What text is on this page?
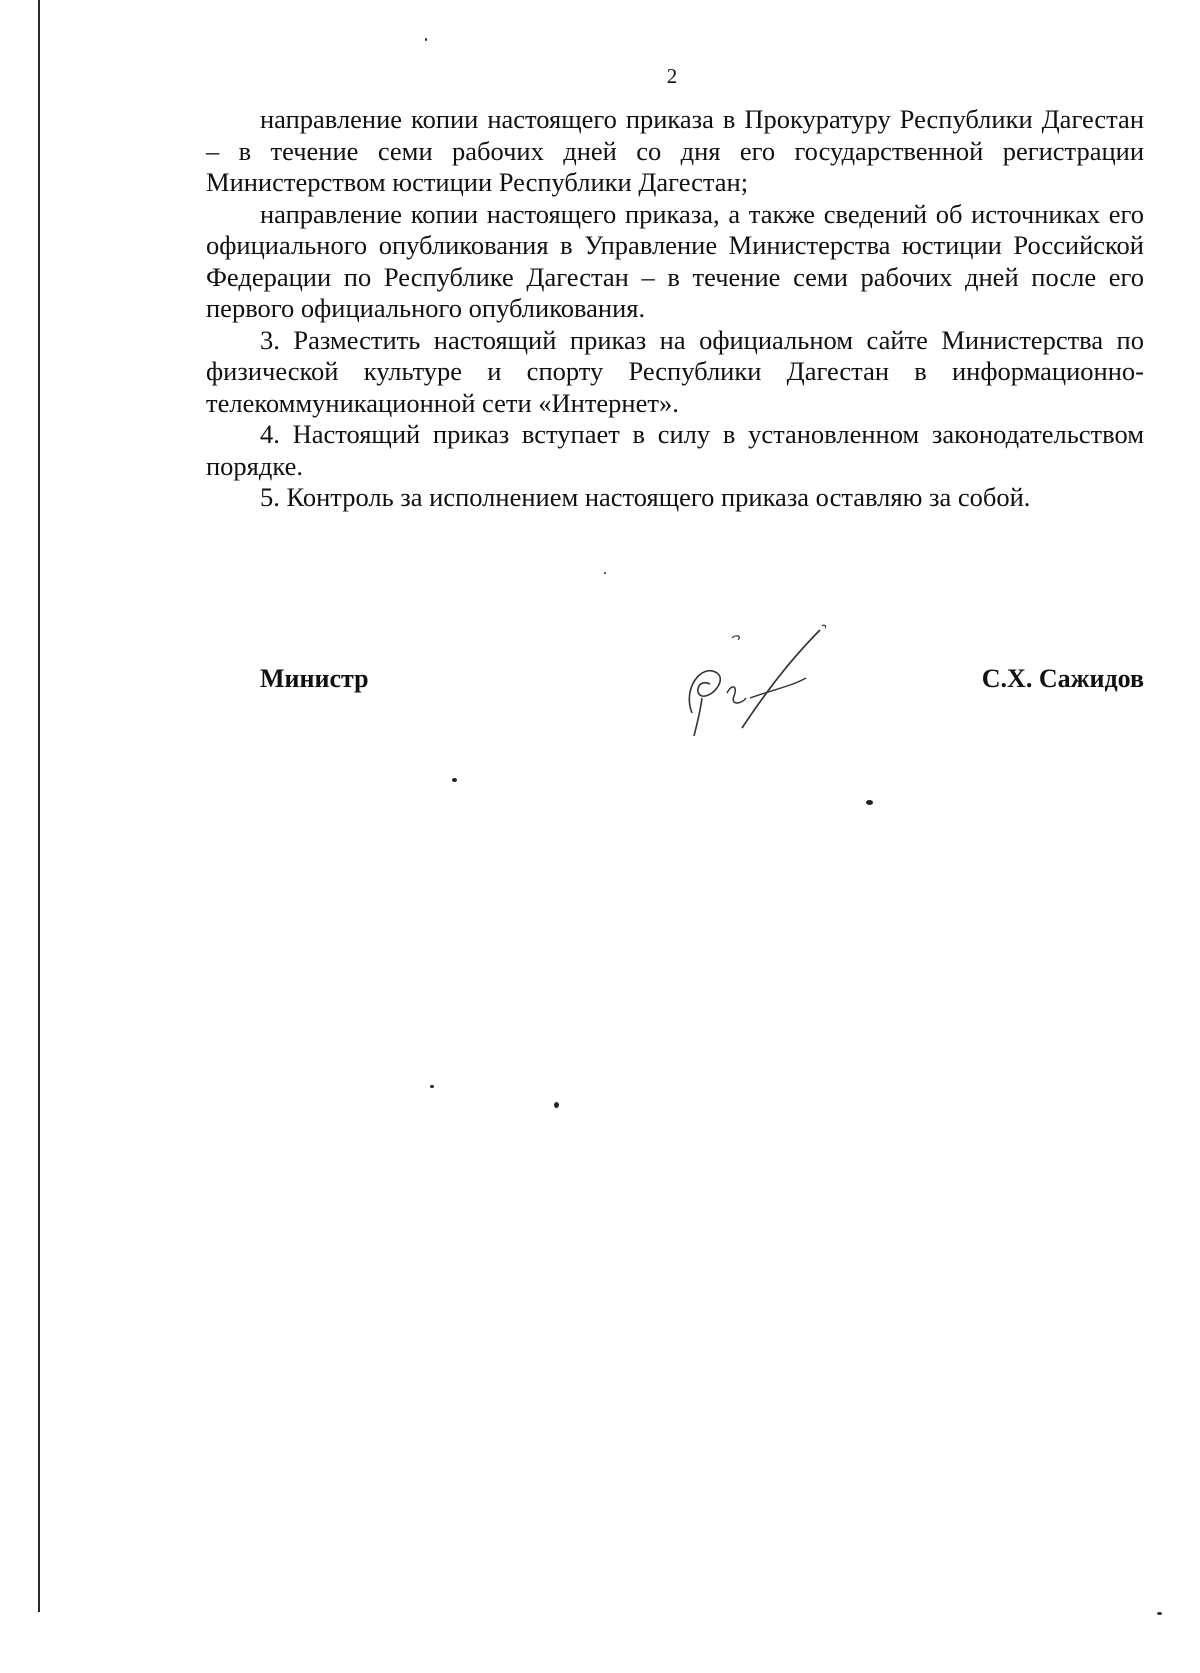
2

направление копии настоящего приказа в Прокуратуру Республики Дагестан – в течение семи рабочих дней со дня его государственной регистрации Министерством юстиции Республики Дагестан;

направление копии настоящего приказа, а также сведений об источниках его официального опубликования в Управление Министерства юстиции Российской Федерации по Республике Дагестан – в течение семи рабочих дней после его первого официального опубликования.

3. Разместить настоящий приказ на официальном сайте Министерства по физической культуре и спорту Республики Дагестан в информационно-телекоммуникационной сети «Интернет».

4. Настоящий приказ вступает в силу в установленном законодательством порядке.

5. Контроль за исполнением настоящего приказа оставляю за собой.

Министр	С.Х. Сажидов
